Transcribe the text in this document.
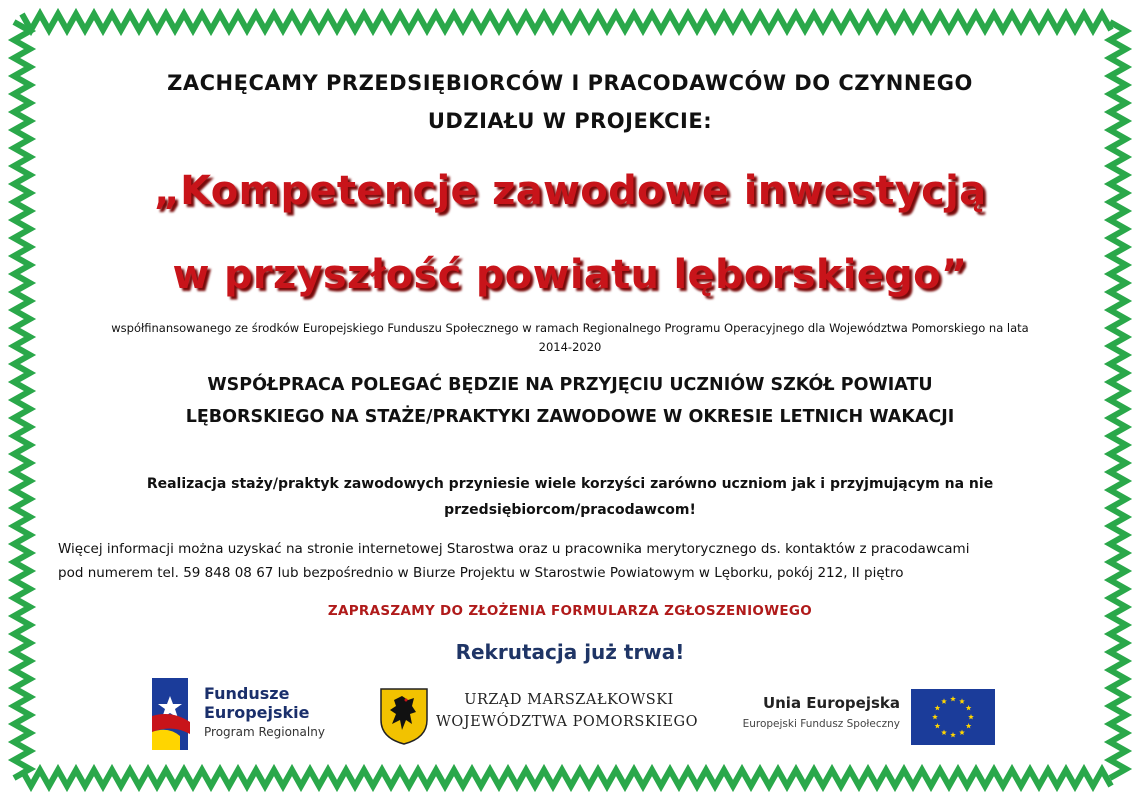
ZACHĘCAMY PRZEDSIĘBIORCÓW I PRACODAWCÓW DO CZYNNEGO
UDZIAŁU W PROJEKCIE:
„Kompetencje zawodowe inwestycją
w przyszłość powiatu lęborskiego”
współfinansowanego ze środków Europejskiego Funduszu Społecznego w ramach Regionalnego Programu Operacyjnego dla Województwa Pomorskiego na lata
2014-2020
WSPÓŁPRACA POLEGAĆ BĘDZIE NA PRZYJĘCIU UCZNIÓW SZKÓŁ POWIATU
LĘBORSKIEGO NA STAŻE/PRAKTYKI ZAWODOWE W OKRESIE LETNICH WAKACJI
Realizacja staży/praktyk zawodowych przyniesie wiele korzyści zarówno uczniom jak i przyjmującym na nie
przedsiębiorcom/pracodawcom!
Więcej informacji można uzyskać na stronie internetowej Starostwa oraz u pracownika merytorycznego ds. kontaktów z pracodawcami
pod numerem tel. 59 848 08 67 lub bezpośrednio w Biurze Projektu w Starostwie Powiatowym w Lęborku, pokój 212, II piętro
ZAPRASZAMY DO ZŁOŻENIA FORMULARZA ZGŁOSZENIOWEGO
Rekrutacja już trwa!
Fundusze
Europejskie
Program Regionalny
URZĄD MARSZAŁKOWSKI
WOJEWÓDZTWA POMORSKIEGO
Unia Europejska
Europejski Fundusz Społeczny
